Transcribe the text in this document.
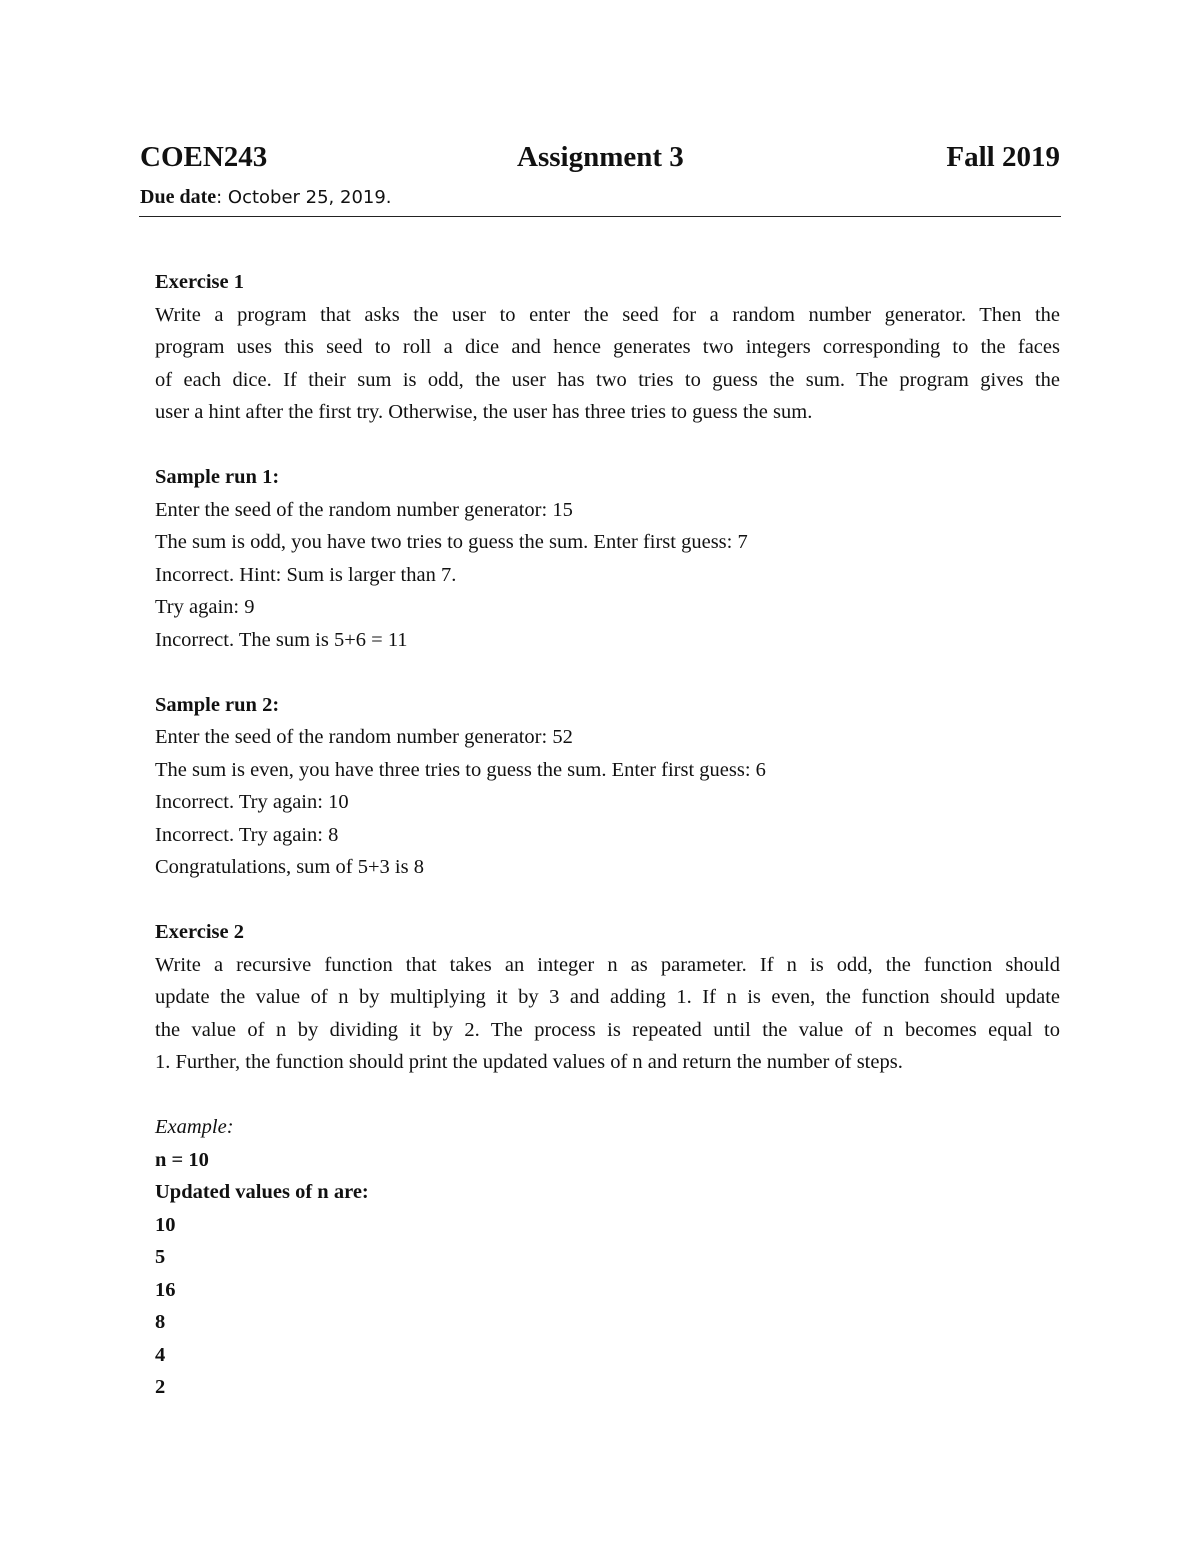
COEN243	Assignment 3	Fall 2019
Due date: October 25, 2019.
Exercise 1
Write a program that asks the user to enter the seed for a random number generator. Then the
program uses this seed to roll a dice and hence generates two integers corresponding to the faces
of each dice. If their sum is odd, the user has two tries to guess the sum. The program gives the
user a hint after the first try. Otherwise, the user has three tries to guess the sum.
Sample run 1:
Enter the seed of the random number generator: 15
The sum is odd, you have two tries to guess the sum. Enter first guess: 7
Incorrect. Hint: Sum is larger than 7.
Try again: 9
Incorrect. The sum is 5+6 = 11
Sample run 2:
Enter the seed of the random number generator: 52
The sum is even, you have three tries to guess the sum. Enter first guess: 6
Incorrect. Try again: 10
Incorrect. Try again: 8
Congratulations, sum of 5+3 is 8
Exercise 2
Write a recursive function that takes an integer n as parameter. If n is odd, the function should
update the value of n by multiplying it by 3 and adding 1. If n is even, the function should update
the value of n by dividing it by 2. The process is repeated until the value of n becomes equal to
1. Further, the function should print the updated values of n and return the number of steps.
Example:
n = 10
Updated values of n are:
10
5
16
8
4
2
